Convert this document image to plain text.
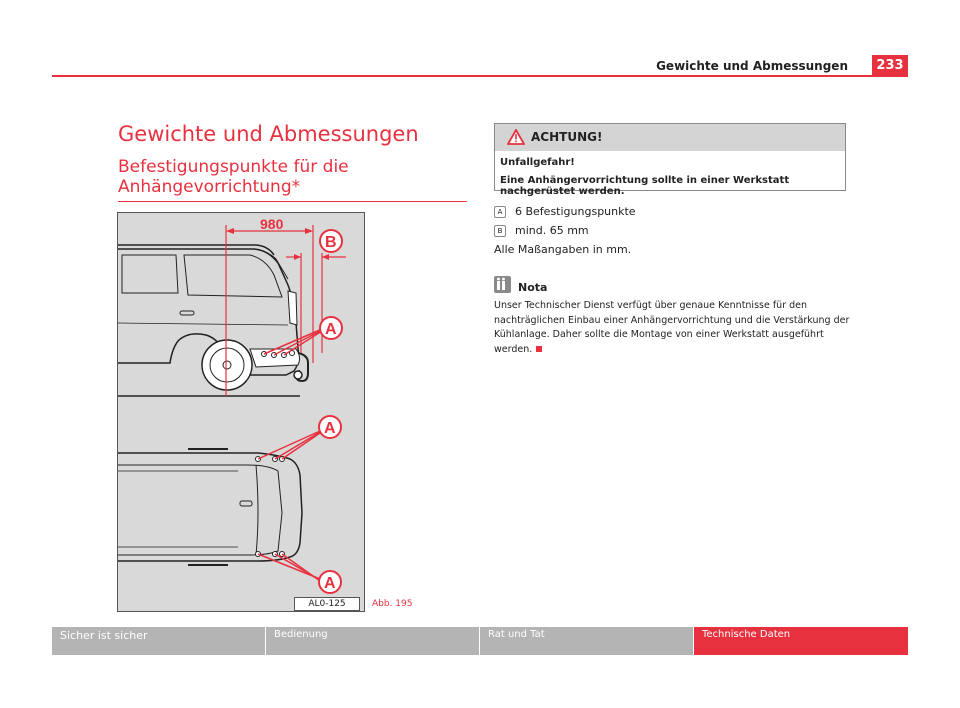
Gewichte und Abmessungen	233
Gewichte und Abmessungen
Befestigungspunkte für die Anhängevorrichtung*
980
B
A
A
A
AL0-125	Abb. 195
ACHTUNG!
Unfallgefahr!
Eine Anhängervorrichtung sollte in einer Werkstatt nachgerüstet werden.
A 6 Befestigungspunkte
B mind. 65 mm
Alle Maßangaben in mm.
Nota

Unser Technischer Dienst verfügt über genaue Kenntnisse für den nachträglichen Einbau einer Anhängervorrichtung und die Verstärkung der Kühlanlage. Daher sollte die Montage von einer Werkstatt ausgeführt werden.

Sicher ist sicher	Bedienung	Rat und Tat	Technische Daten
